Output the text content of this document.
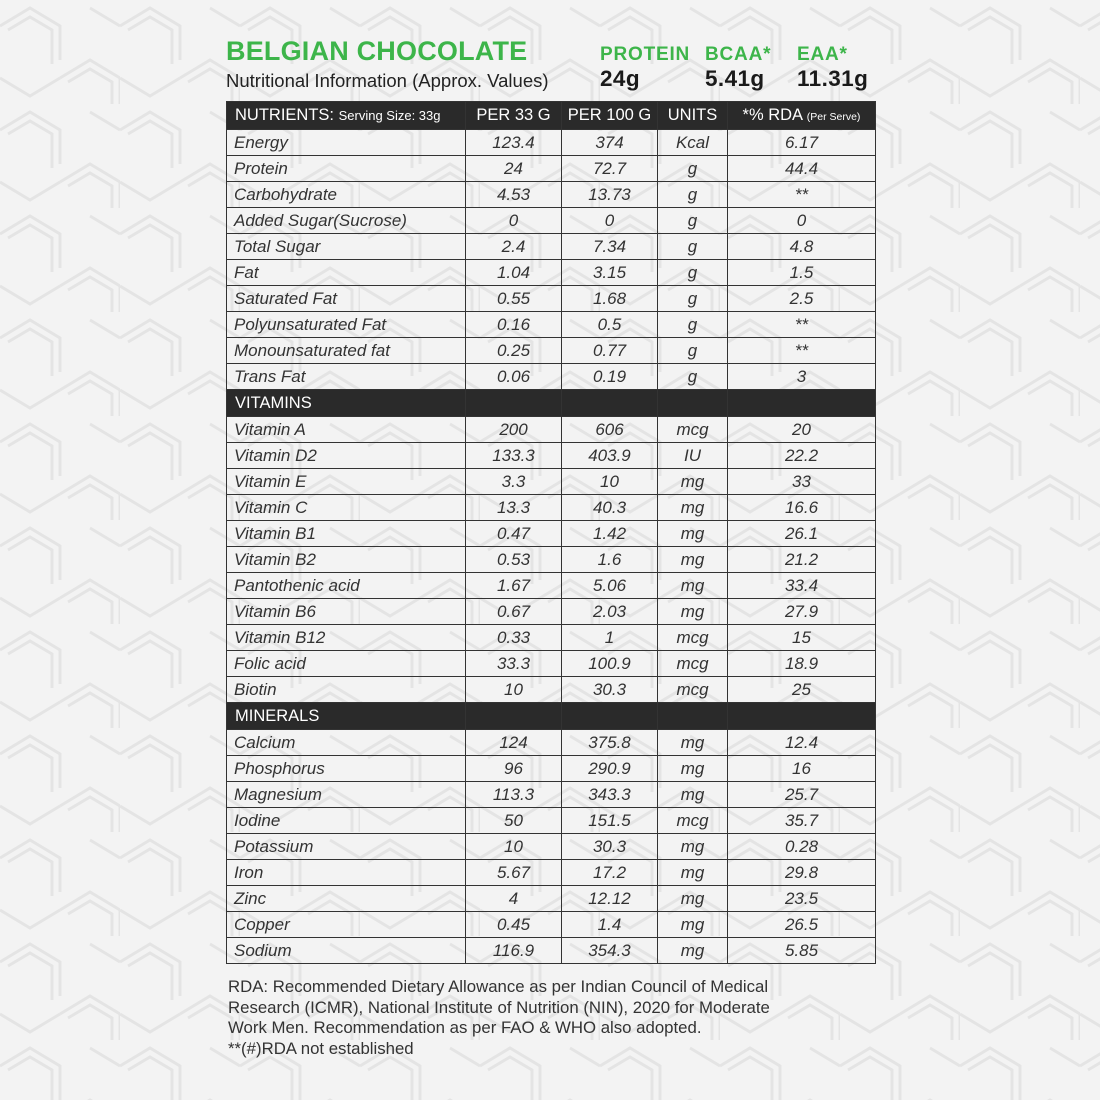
BELGIAN CHOCOLATE
Nutritional Information (Approx. Values)
PROTEIN
24g
BCAA*
5.41g
EAA*
11.31g
NUTRIENTS: Serving Size: 33g	PER 33 G	PER 100 G	UNITS	*% RDA (Per Serve)
Energy	123.4	374	Kcal	6.17
Protein	24	72.7	g	44.4
Carbohydrate	4.53	13.73	g	**
Added Sugar(Sucrose)	0	0	g	0
Total Sugar	2.4	7.34	g	4.8
Fat	1.04	3.15	g	1.5
Saturated Fat	0.55	1.68	g	2.5
Polyunsaturated Fat	0.16	0.5	g	**
Monounsaturated fat	0.25	0.77	g	**
Trans Fat	0.06	0.19	g	3
VITAMINS				
Vitamin A	200	606	mcg	20
Vitamin D2	133.3	403.9	IU	22.2
Vitamin E	3.3	10	mg	33
Vitamin C	13.3	40.3	mg	16.6
Vitamin B1	0.47	1.42	mg	26.1
Vitamin B2	0.53	1.6	mg	21.2
Pantothenic acid	1.67	5.06	mg	33.4
Vitamin B6	0.67	2.03	mg	27.9
Vitamin B12	0.33	1	mcg	15
Folic acid	33.3	100.9	mcg	18.9
Biotin	10	30.3	mcg	25
MINERALS				
Calcium	124	375.8	mg	12.4
Phosphorus	96	290.9	mg	16
Magnesium	113.3	343.3	mg	25.7
Iodine	50	151.5	mcg	35.7
Potassium	10	30.3	mg	0.28
Iron	5.67	17.2	mg	29.8
Zinc	4	12.12	mg	23.5
Copper	0.45	1.4	mg	26.5
Sodium	116.9	354.3	mg	5.85
RDA: Recommended Dietary Allowance as per Indian Council of Medical
Research (ICMR), National Institute of Nutrition (NIN), 2020 for Moderate
Work Men. Recommendation as per FAO & WHO also adopted.
**(#)RDA not established
